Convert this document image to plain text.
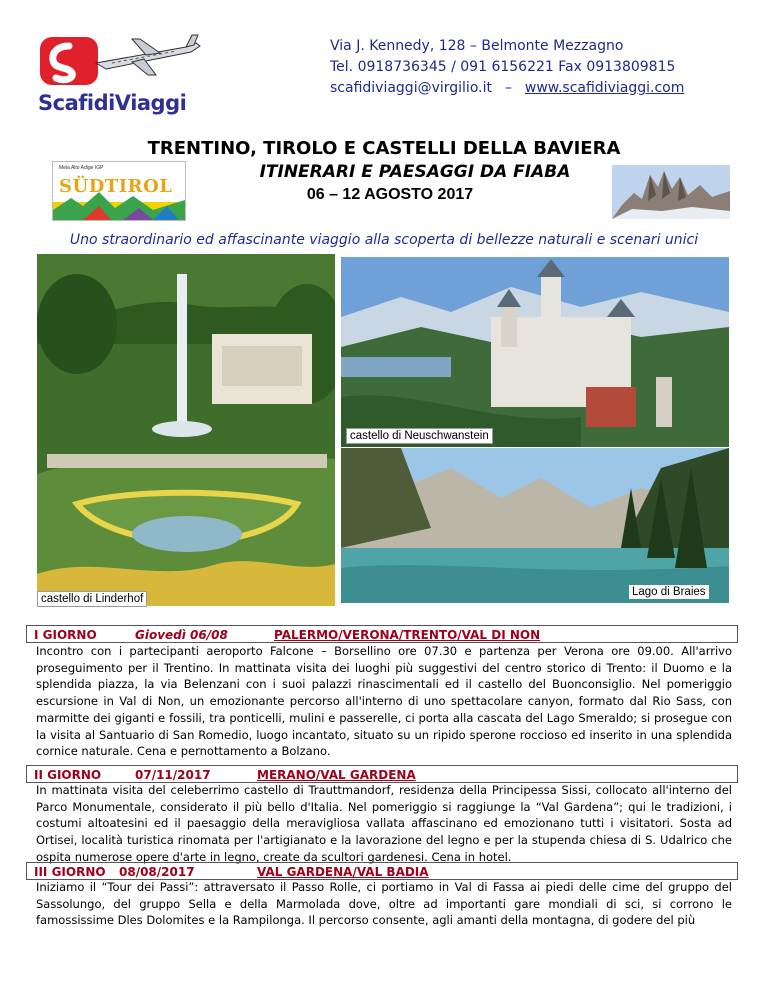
ScafidiViaggi
Via J. Kennedy, 128 – Belmonte Mezzagno
Tel. 0918736345 / 091 6156221 Fax 0913809815
scafidiviaggi@virgilio.it – www.scafidiviaggi.com
TRENTINO, TIROLO E CASTELLI DELLA BAVIERA
ITINERARI E PAESAGGI DA FIABA
06 – 12 AGOSTO 2017
Mela Alto Adige IGP
SÜDTIROL
Uno straordinario ed affascinante viaggio alla scoperta di bellezze naturali e scenari unici
castello di Neuschwanstein
Lago di Braies
castello di Linderhof
I GIORNO	Giovedì 06/08	PALERMO/VERONA/TRENTO/VAL DI NON
Incontro con i partecipanti aeroporto Falcone – Borsellino ore 07.30 e partenza per Verona ore 09.00. All'arrivo proseguimento per il Trentino. In mattinata visita dei luoghi più suggestivi del centro storico di Trento: il Duomo e la splendida piazza, la via Belenzani con i suoi palazzi rinascimentali ed il castello del Buonconsiglio. Nel pomeriggio escursione in Val di Non, un emozionante percorso all'interno di uno spettacolare canyon, formato dal Rio Sass, con marmitte dei giganti e fossili, tra ponticelli, mulini e passerelle, ci porta alla cascata del Lago Smeraldo; si prosegue con la visita al Santuario di San Romedio, luogo incantato, situato su un ripido sperone roccioso ed inserito in una splendida cornice naturale. Cena e pernottamento a Bolzano.
II GIORNO	07/11/2017	MERANO/VAL GARDENA
In mattinata visita del celeberrimo castello di Trauttmandorf, residenza della Principessa Sissi, collocato all'interno del Parco Monumentale, considerato il più bello d'Italia. Nel pomeriggio si raggiunge la “Val Gardena”; qui le tradizioni, i costumi altoatesini ed il paesaggio della meravigliosa vallata affascinano ed emozionano tutti i visitatori. Sosta ad Ortisei, località turistica rinomata per l'artigianato e la lavorazione del legno e per la stupenda chiesa di S. Udalrico che ospita numerose opere d'arte in legno, create da scultori gardenesi. Cena in hotel.
III GIORNO 08/08/2017	VAL GARDENA/VAL BADIA
Iniziamo il “Tour dei Passi”: attraversato il Passo Rolle, ci portiamo in Val di Fassa ai piedi delle cime del gruppo del Sassolungo, del gruppo Sella e della Marmolada dove, oltre ad importanti gare mondiali di sci, si corrono le famossissime Dles Dolomites e la Rampilonga. Il percorso consente, agli amanti della montagna, di godere del più
